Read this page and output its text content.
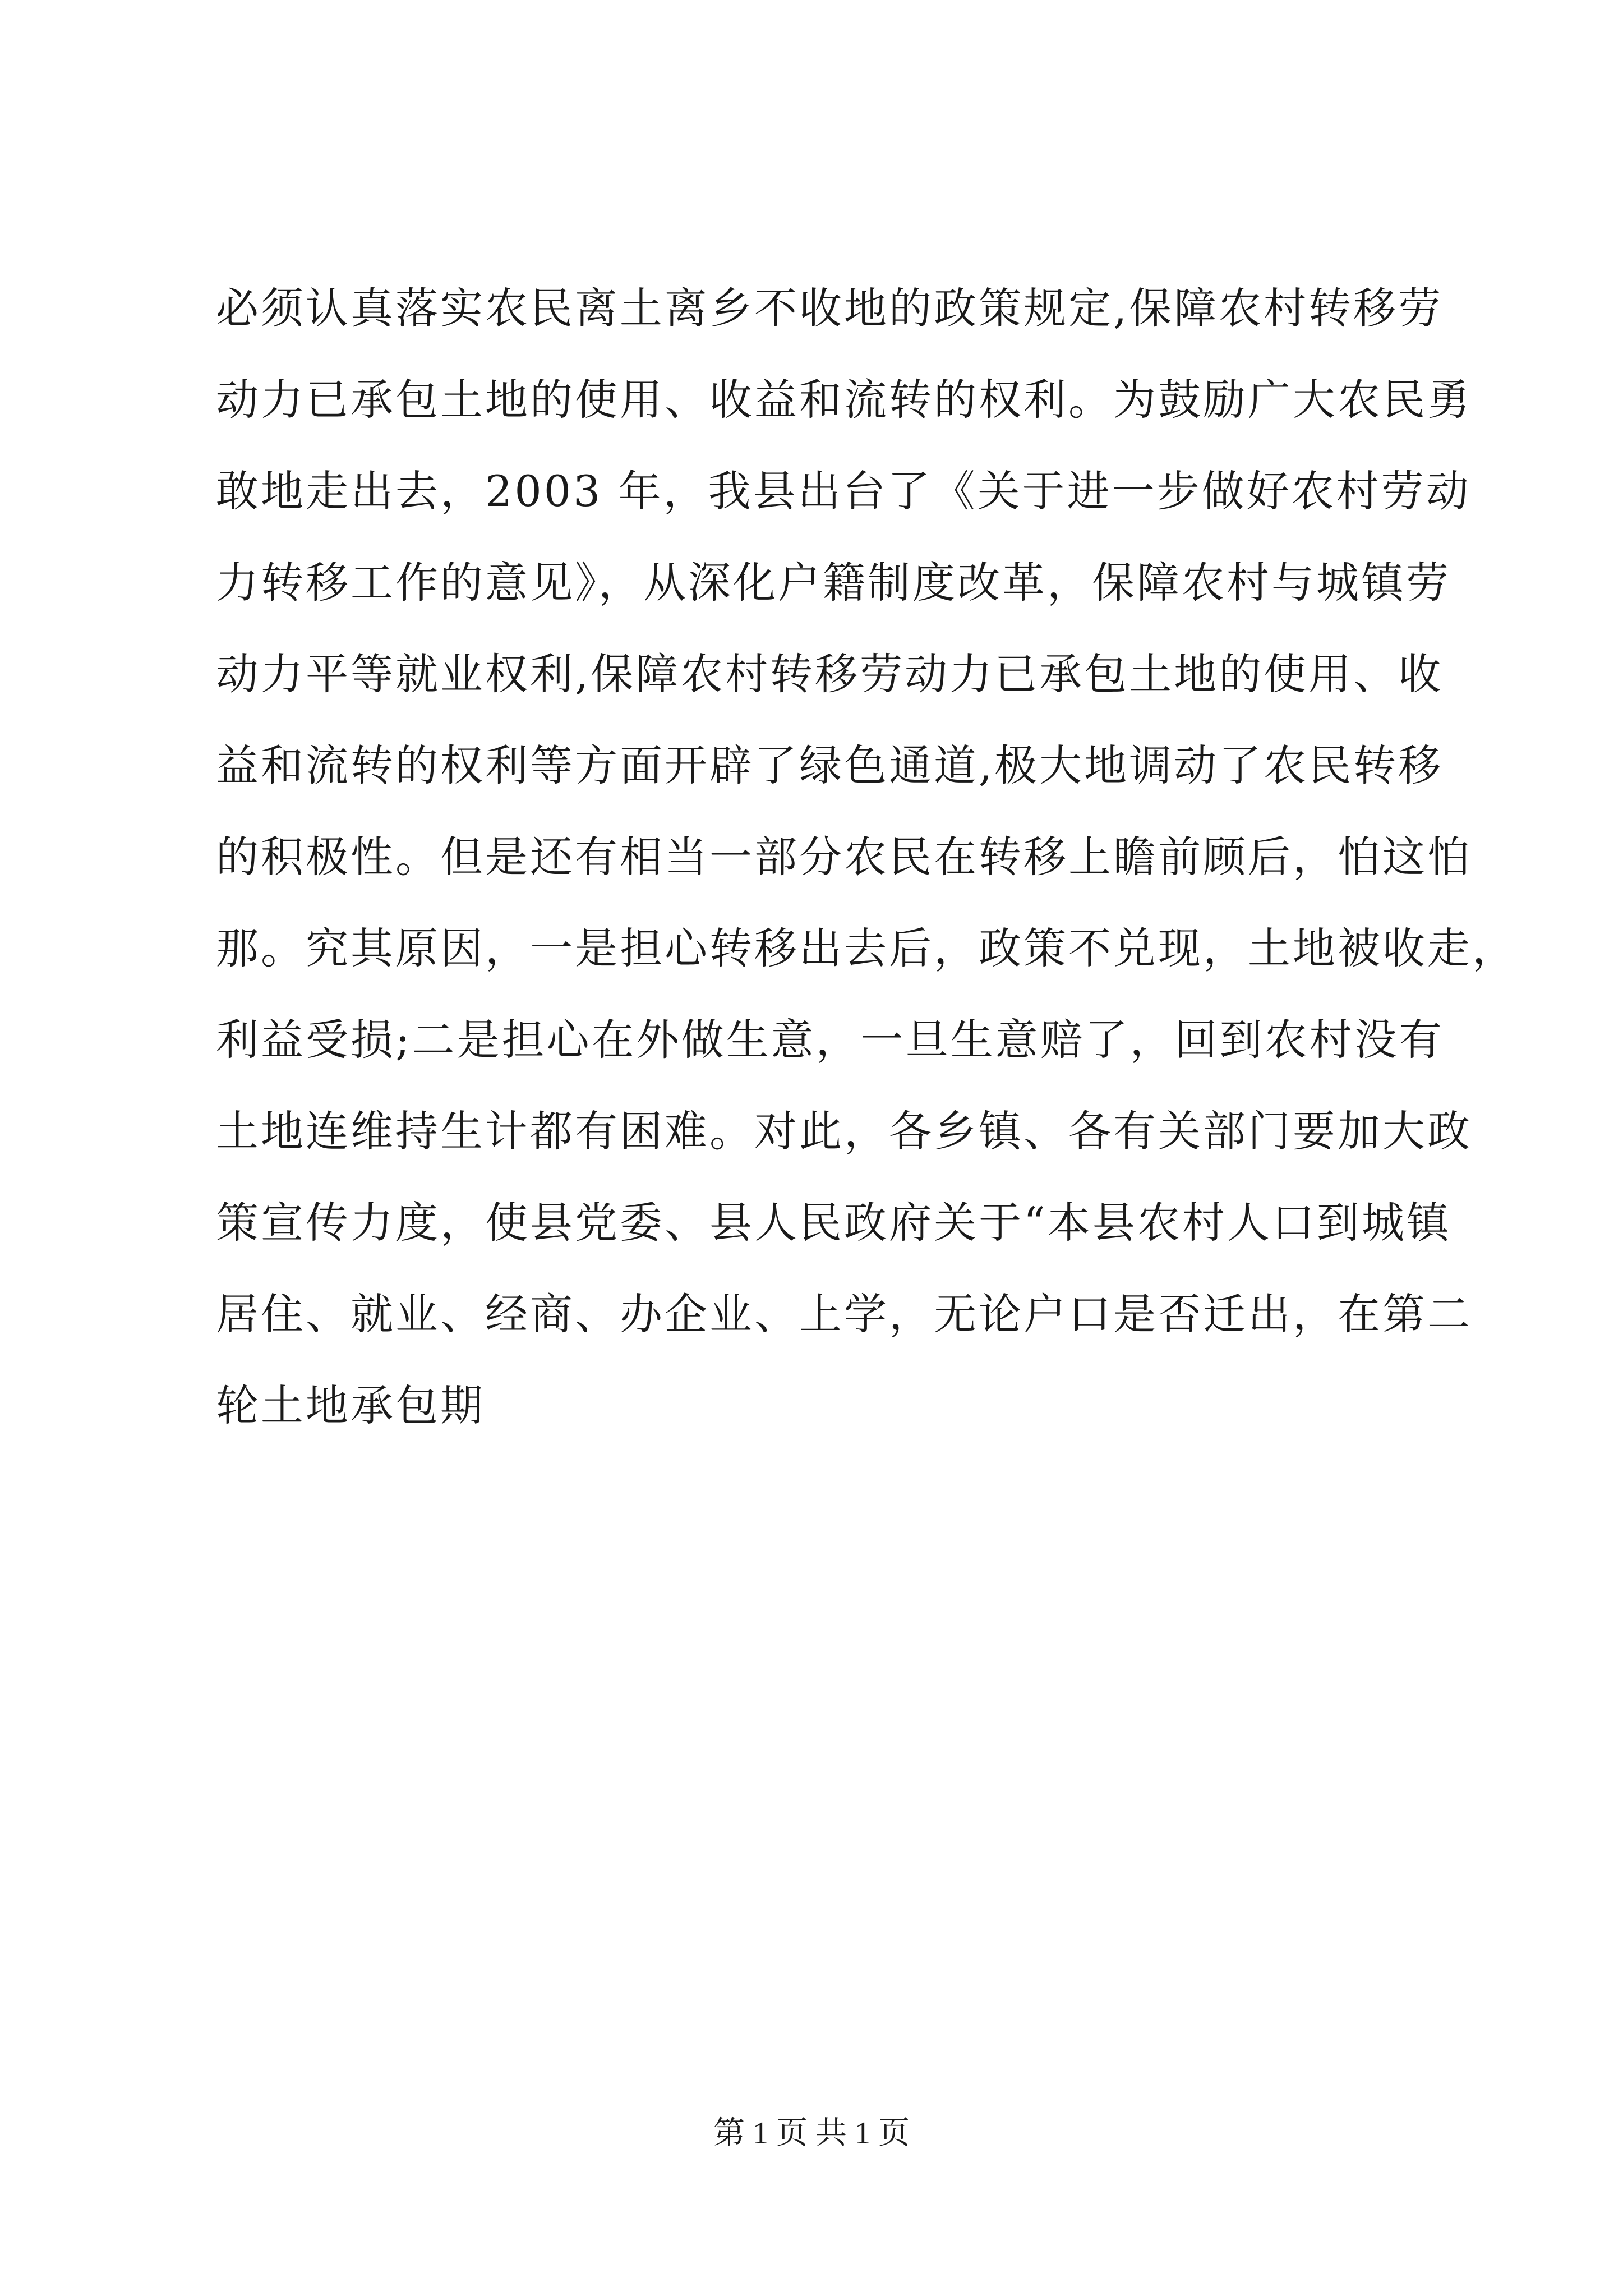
必须认真落实农民离土离乡不收地的政策规定,保障农村转移劳
动力已承包土地的使用、收益和流转的权利。为鼓励广大农民勇
敢地走出去，2003 年，我县出台了《关于进一步做好农村劳动
力转移工作的意见》，从深化户籍制度改革，保障农村与城镇劳
动力平等就业权利,保障农村转移劳动力已承包土地的使用、收
益和流转的权利等方面开辟了绿色通道,极大地调动了农民转移
的积极性。但是还有相当一部分农民在转移上瞻前顾后，怕这怕
那。究其原因，一是担心转移出去后，政策不兑现，土地被收走，
利益受损;二是担心在外做生意，一旦生意赔了，回到农村没有
土地连维持生计都有困难。对此，各乡镇、各有关部门要加大政
策宣传力度，使县党委、县人民政府关于“本县农村人口到城镇
居住、就业、经商、办企业、上学，无论户口是否迁出，在第二
轮土地承包期
第 1 页 共 1 页
